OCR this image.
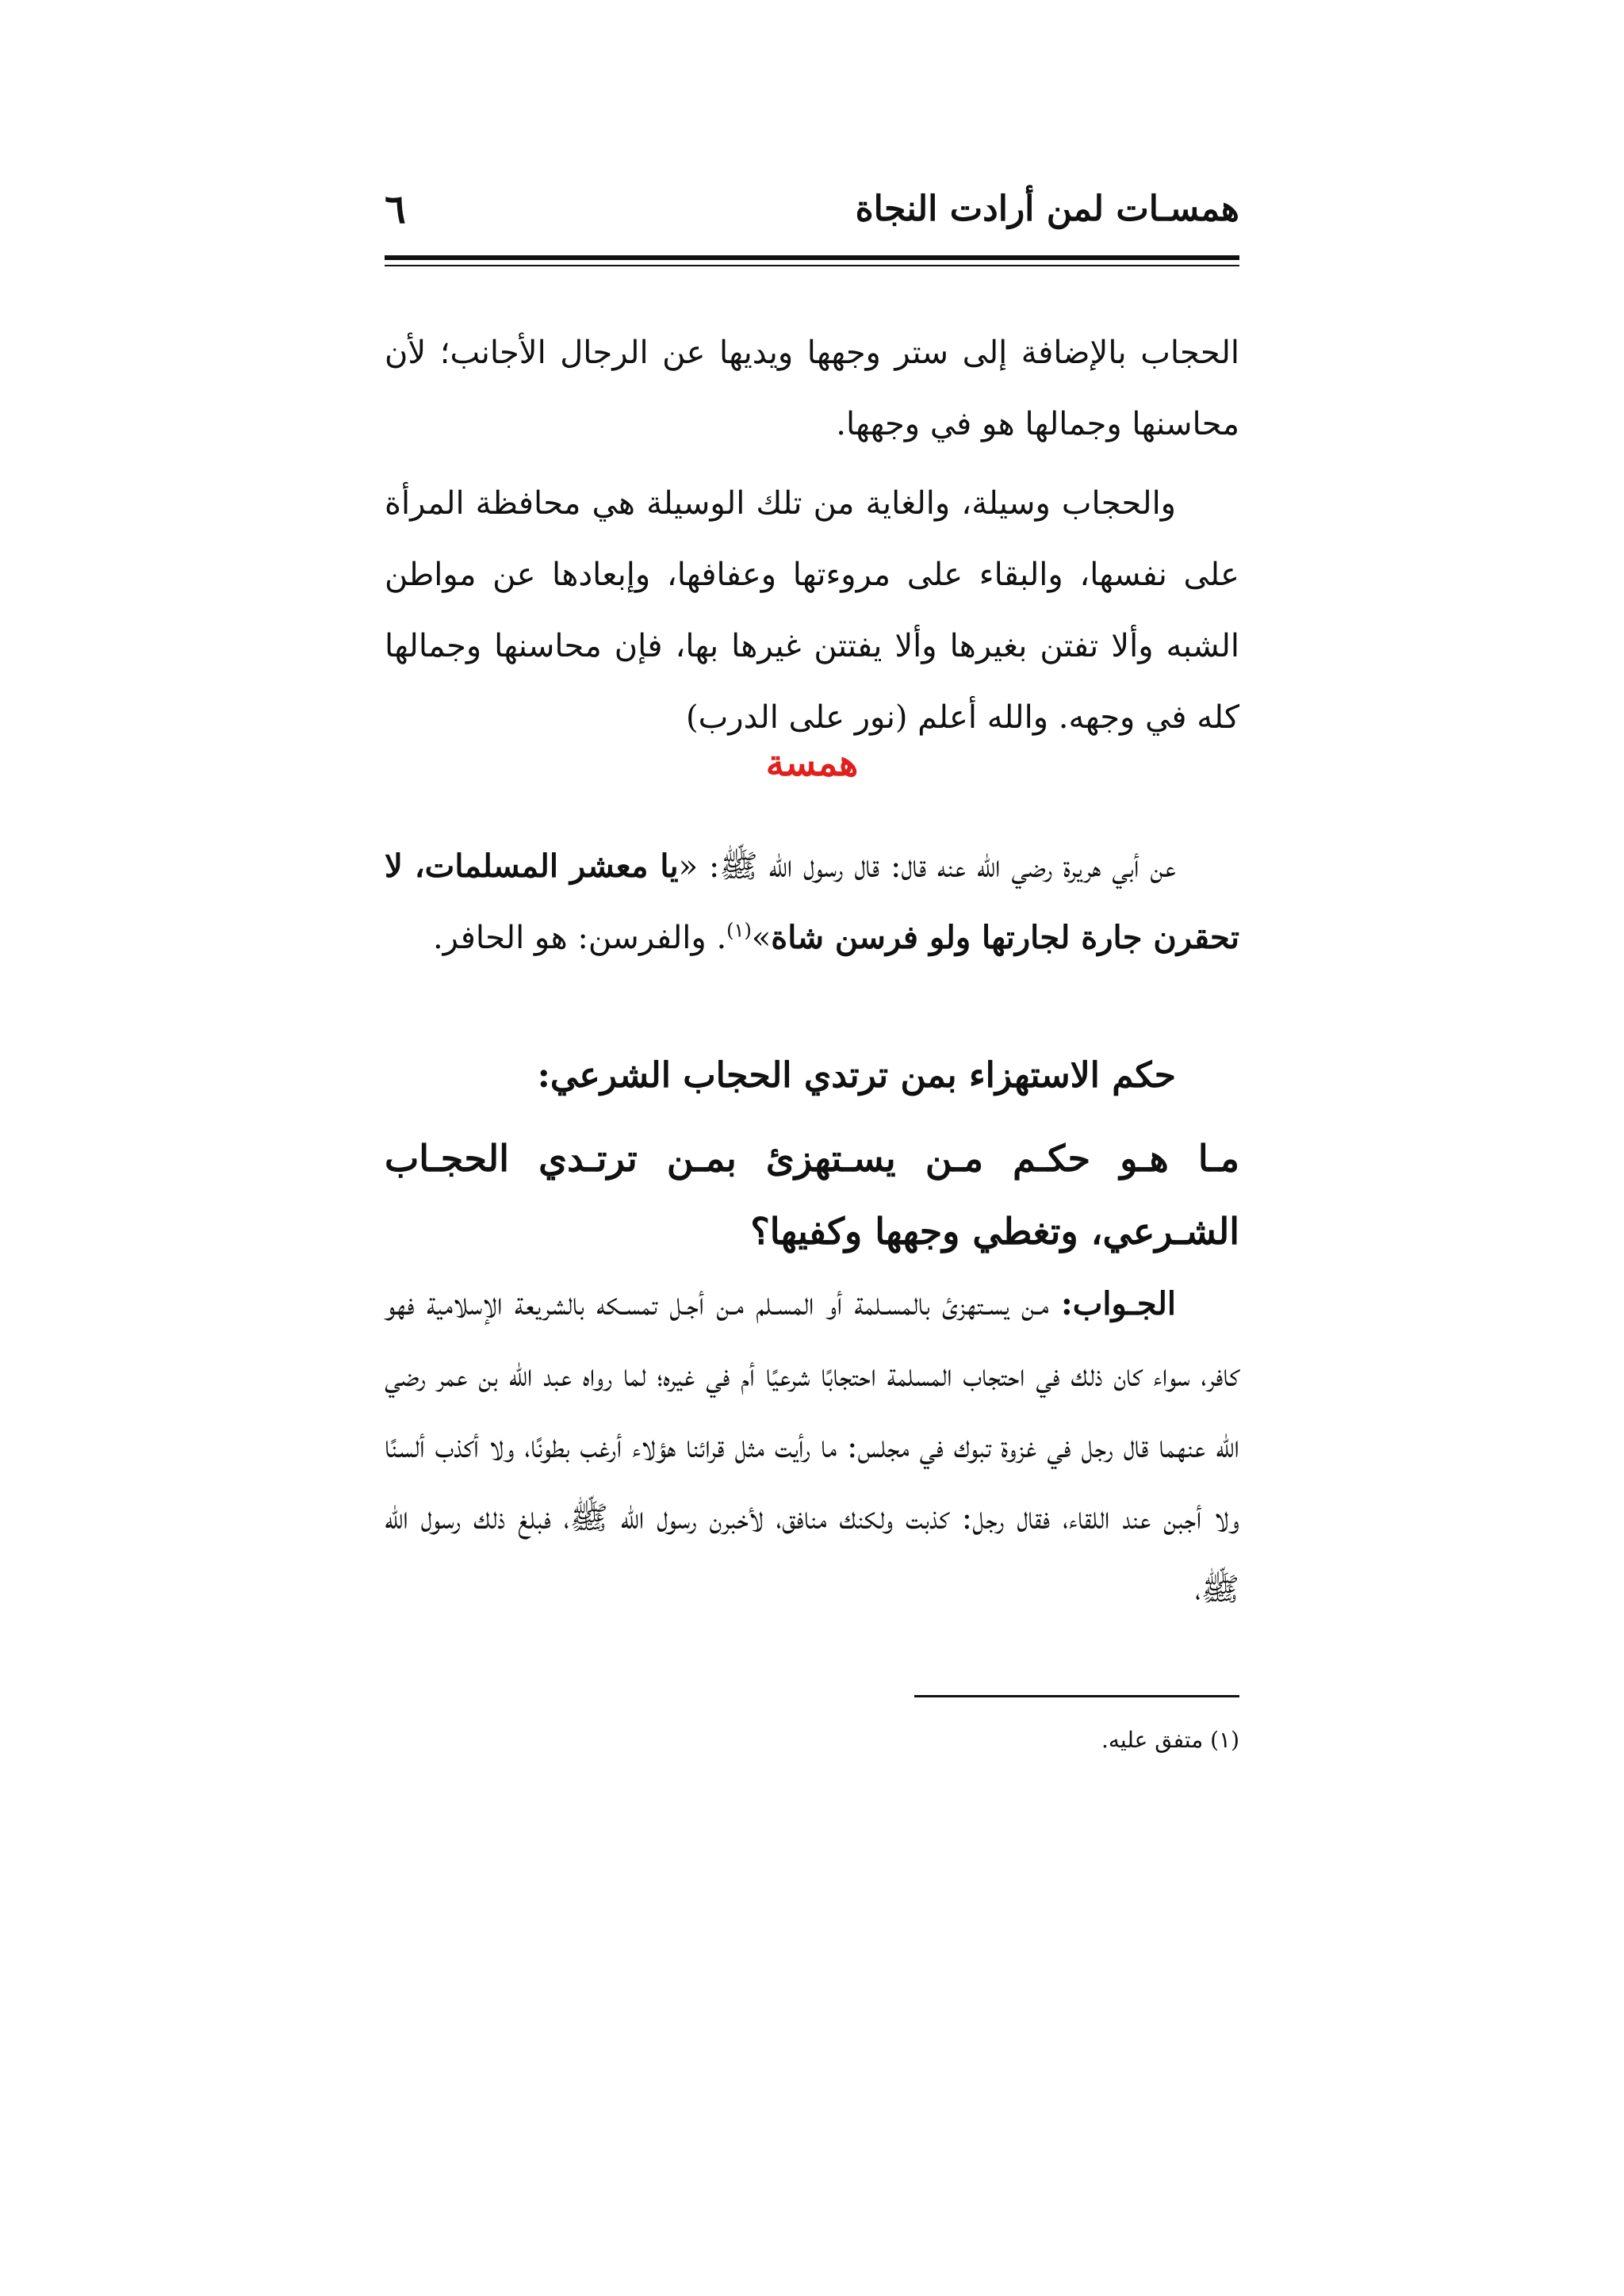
همسـات لمن أرادت النجاة
٦

الحجاب بالإضافة إلى ستر وجهها ويديها عن الرجال الأجانب؛ لأن محاسنها وجمالها هو في وجهها.

والحجاب وسيلة، والغاية من تلك الوسيلة هي محافظة المرأة على نفسها، والبقاء على مروءتها وعفافها، وإبعادها عن مواطن الشبه وألا تفتن بغيرها وألا يفتتن غيرها بها، فإن محاسنها وجمالها كله في وجهه. والله أعلم (نور على الدرب)

همسة

عن أبي هريرة رضي الله عنه قال: قال رسول الله ﷺ: «يا معشر المسلمات، لا تحقرن جارة لجارتها ولو فرسن شاة»$^{(١)}$. والفرسن: هو الحافر.

حكم الاستهزاء بمن ترتدي الحجاب الشرعي:
مـا هـو حكـم مـن يسـتهزئ بمـن ترتـدي الحجـاب الشـرعي، وتغطي وجهها وكفيها؟

الجـواب: مـن يسـتهزئ بالمسـلمة أو المسـلم مـن أجـل تمسـكه بالشريعة الإسلامية فهو كافر، سواء كان ذلك في احتجاب المسلمة احتجابًا شرعيًا أم في غيره؛ لما رواه عبد الله بن عمر رضي الله عنهما قال رجل في غزوة تبوك في مجلس: ما رأيت مثل قرائنا هؤلاء أرغب بطونًا، ولا أكذب ألسنًا ولا أجبن عند اللقاء، فقال رجل: كذبت ولكنك منافق، لأخبرن رسول الله ﷺ، فبلغ ذلك رسول الله ﷺ،

(١) متفق عليه.
